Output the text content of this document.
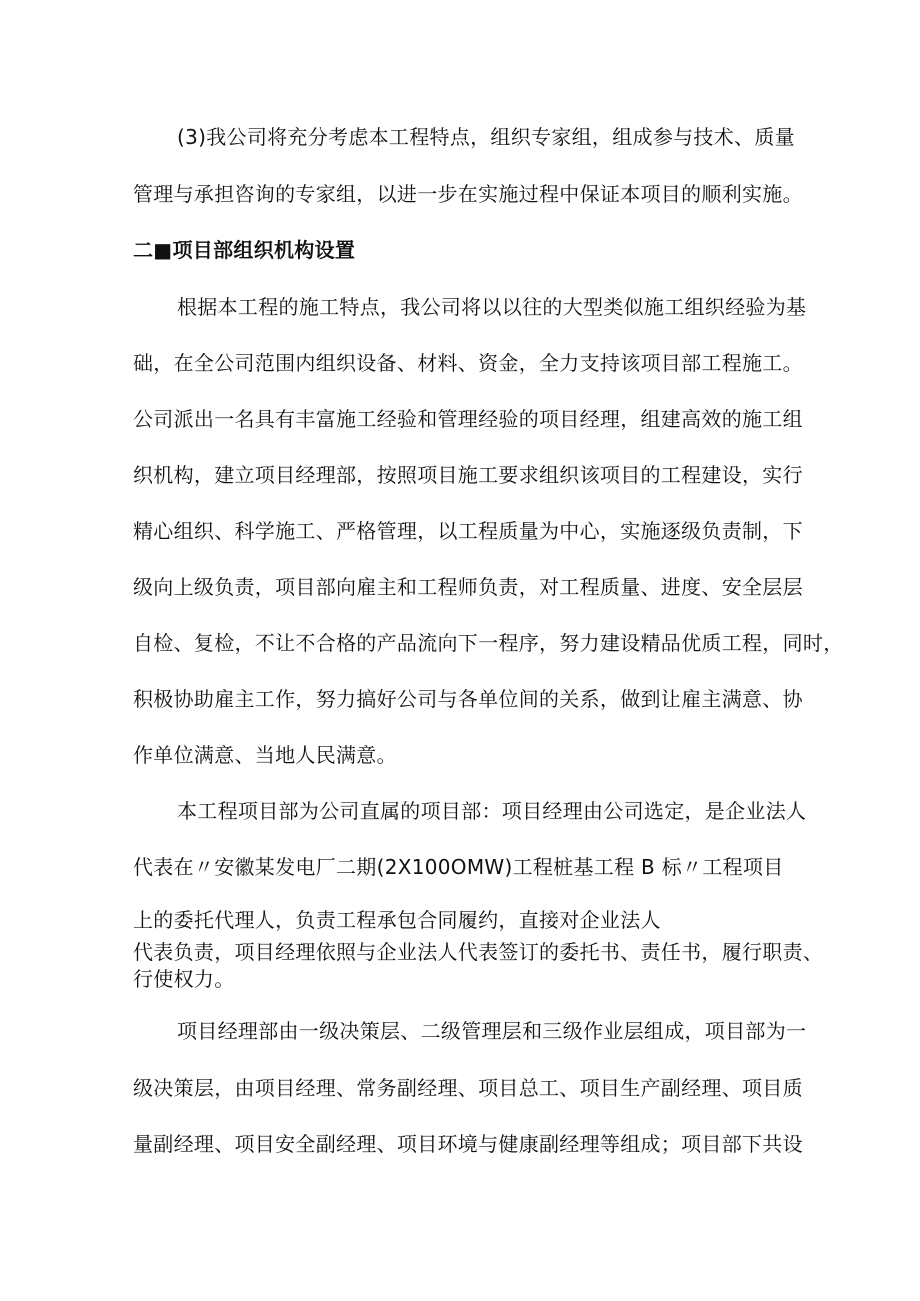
(3)我公司将充分考虑本工程特点，组织专家组，组成参与技术、质量
管理与承担咨询的专家组，以进一步在实施过程中保证本项目的顺利实施。
二■项目部组织机构设置
根据本工程的施工特点，我公司将以以往的大型类似施工组织经验为基
础，在全公司范围内组织设备、材料、资金，全力支持该项目部工程施工。
公司派出一名具有丰富施工经验和管理经验的项目经理，组建高效的施工组
织机构，建立项目经理部，按照项目施工要求组织该项目的工程建设，实行
精心组织、科学施工、严格管理，以工程质量为中心，实施逐级负责制，下
级向上级负责，项目部向雇主和工程师负责，对工程质量、进度、安全层层
自检、复检，不让不合格的产品流向下一程序，努力建设精品优质工程，同时，
积极协助雇主工作，努力搞好公司与各单位间的关系，做到让雇主满意、协
作单位满意、当地人民满意。
本工程项目部为公司直属的项目部：项目经理由公司选定，是企业法人
代表在〃安徽某发电厂二期(2X100OMW)工程桩基工程 B 标〃工程项目
上的委托代理人，负责工程承包合同履约，直接对企业法人
代表负责，项目经理依照与企业法人代表签订的委托书、责任书，履行职责、
行使权力。
项目经理部由一级决策层、二级管理层和三级作业层组成，项目部为一
级决策层，由项目经理、常务副经理、项目总工、项目生产副经理、项目质
量副经理、项目安全副经理、项目环境与健康副经理等组成；项目部下共设
